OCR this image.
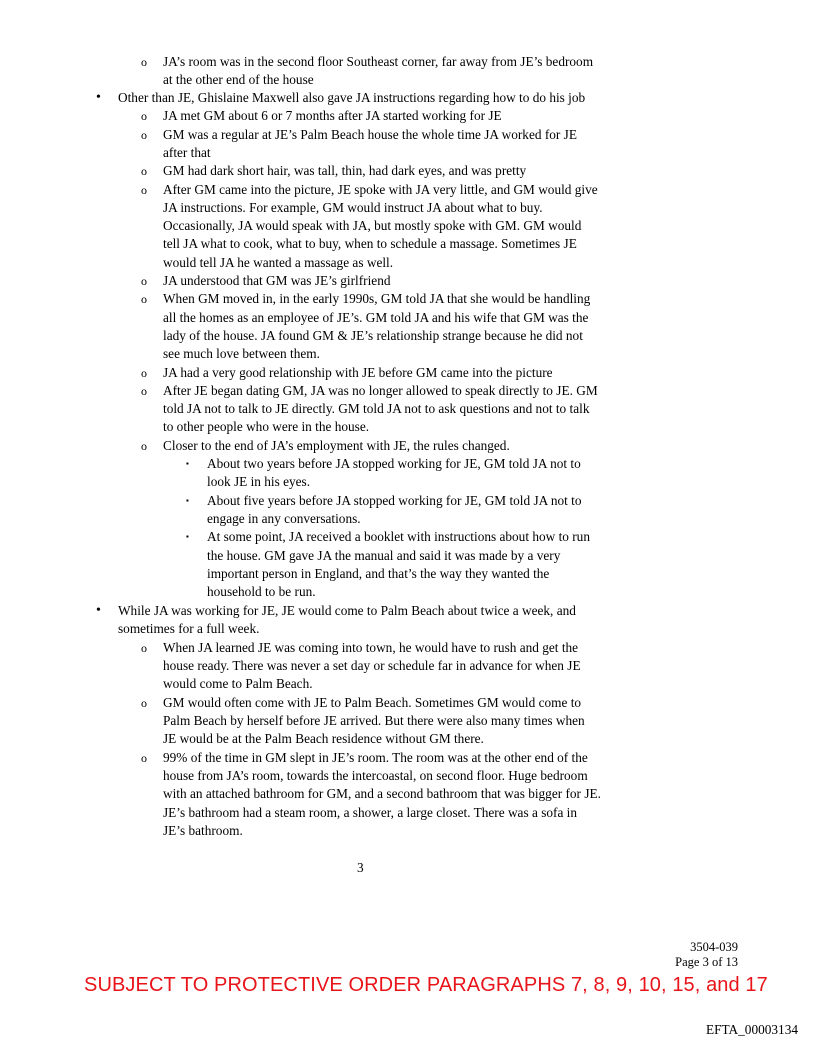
o
•
o
o
o
o
o
o
o
o
o
▪
▪
▪
•
o
o
o
JA’s room was in the second floor Southeast corner, far away from JE’s bedroom
at the other end of the house
Other than JE, Ghislaine Maxwell also gave JA instructions regarding how to do his job
JA met GM about 6 or 7 months after JA started working for JE
GM was a regular at JE’s Palm Beach house the whole time JA worked for JE
after that
GM had dark short hair, was tall, thin, had dark eyes, and was pretty
After GM came into the picture, JE spoke with JA very little, and GM would give
JA instructions. For example, GM would instruct JA about what to buy.
Occasionally, JA would speak with JA, but mostly spoke with GM. GM would
tell JA what to cook, what to buy, when to schedule a massage. Sometimes JE
would tell JA he wanted a massage as well.
JA understood that GM was JE’s girlfriend
When GM moved in, in the early 1990s, GM told JA that she would be handling
all the homes as an employee of JE’s. GM told JA and his wife that GM was the
lady of the house. JA found GM & JE’s relationship strange because he did not
see much love between them.
JA had a very good relationship with JE before GM came into the picture
After JE began dating GM, JA was no longer allowed to speak directly to JE. GM
told JA not to talk to JE directly. GM told JA not to ask questions and not to talk
to other people who were in the house.
Closer to the end of JA’s employment with JE, the rules changed.
About two years before JA stopped working for JE, GM told JA not to
look JE in his eyes.
About five years before JA stopped working for JE, GM told JA not to
engage in any conversations.
At some point, JA received a booklet with instructions about how to run
the house. GM gave JA the manual and said it was made by a very
important person in England, and that’s the way they wanted the
household to be run.
While JA was working for JE, JE would come to Palm Beach about twice a week, and
sometimes for a full week.
When JA learned JE was coming into town, he would have to rush and get the
house ready. There was never a set day or schedule far in advance for when JE
would come to Palm Beach.
GM would often come with JE to Palm Beach. Sometimes GM would come to
Palm Beach by herself before JE arrived. But there were also many times when
JE would be at the Palm Beach residence without GM there.
99% of the time in GM slept in JE’s room. The room was at the other end of the
house from JA’s room, towards the intercoastal, on second floor. Huge bedroom
with an attached bathroom for GM, and a second bathroom that was bigger for JE.
JE’s bathroom had a steam room, a shower, a large closet. There was a sofa in
JE’s bathroom.
3
3504-039
Page 3 of 13
SUBJECT TO PROTECTIVE ORDER PARAGRAPHS 7, 8, 9, 10, 15, and 17
EFTA_00003134
